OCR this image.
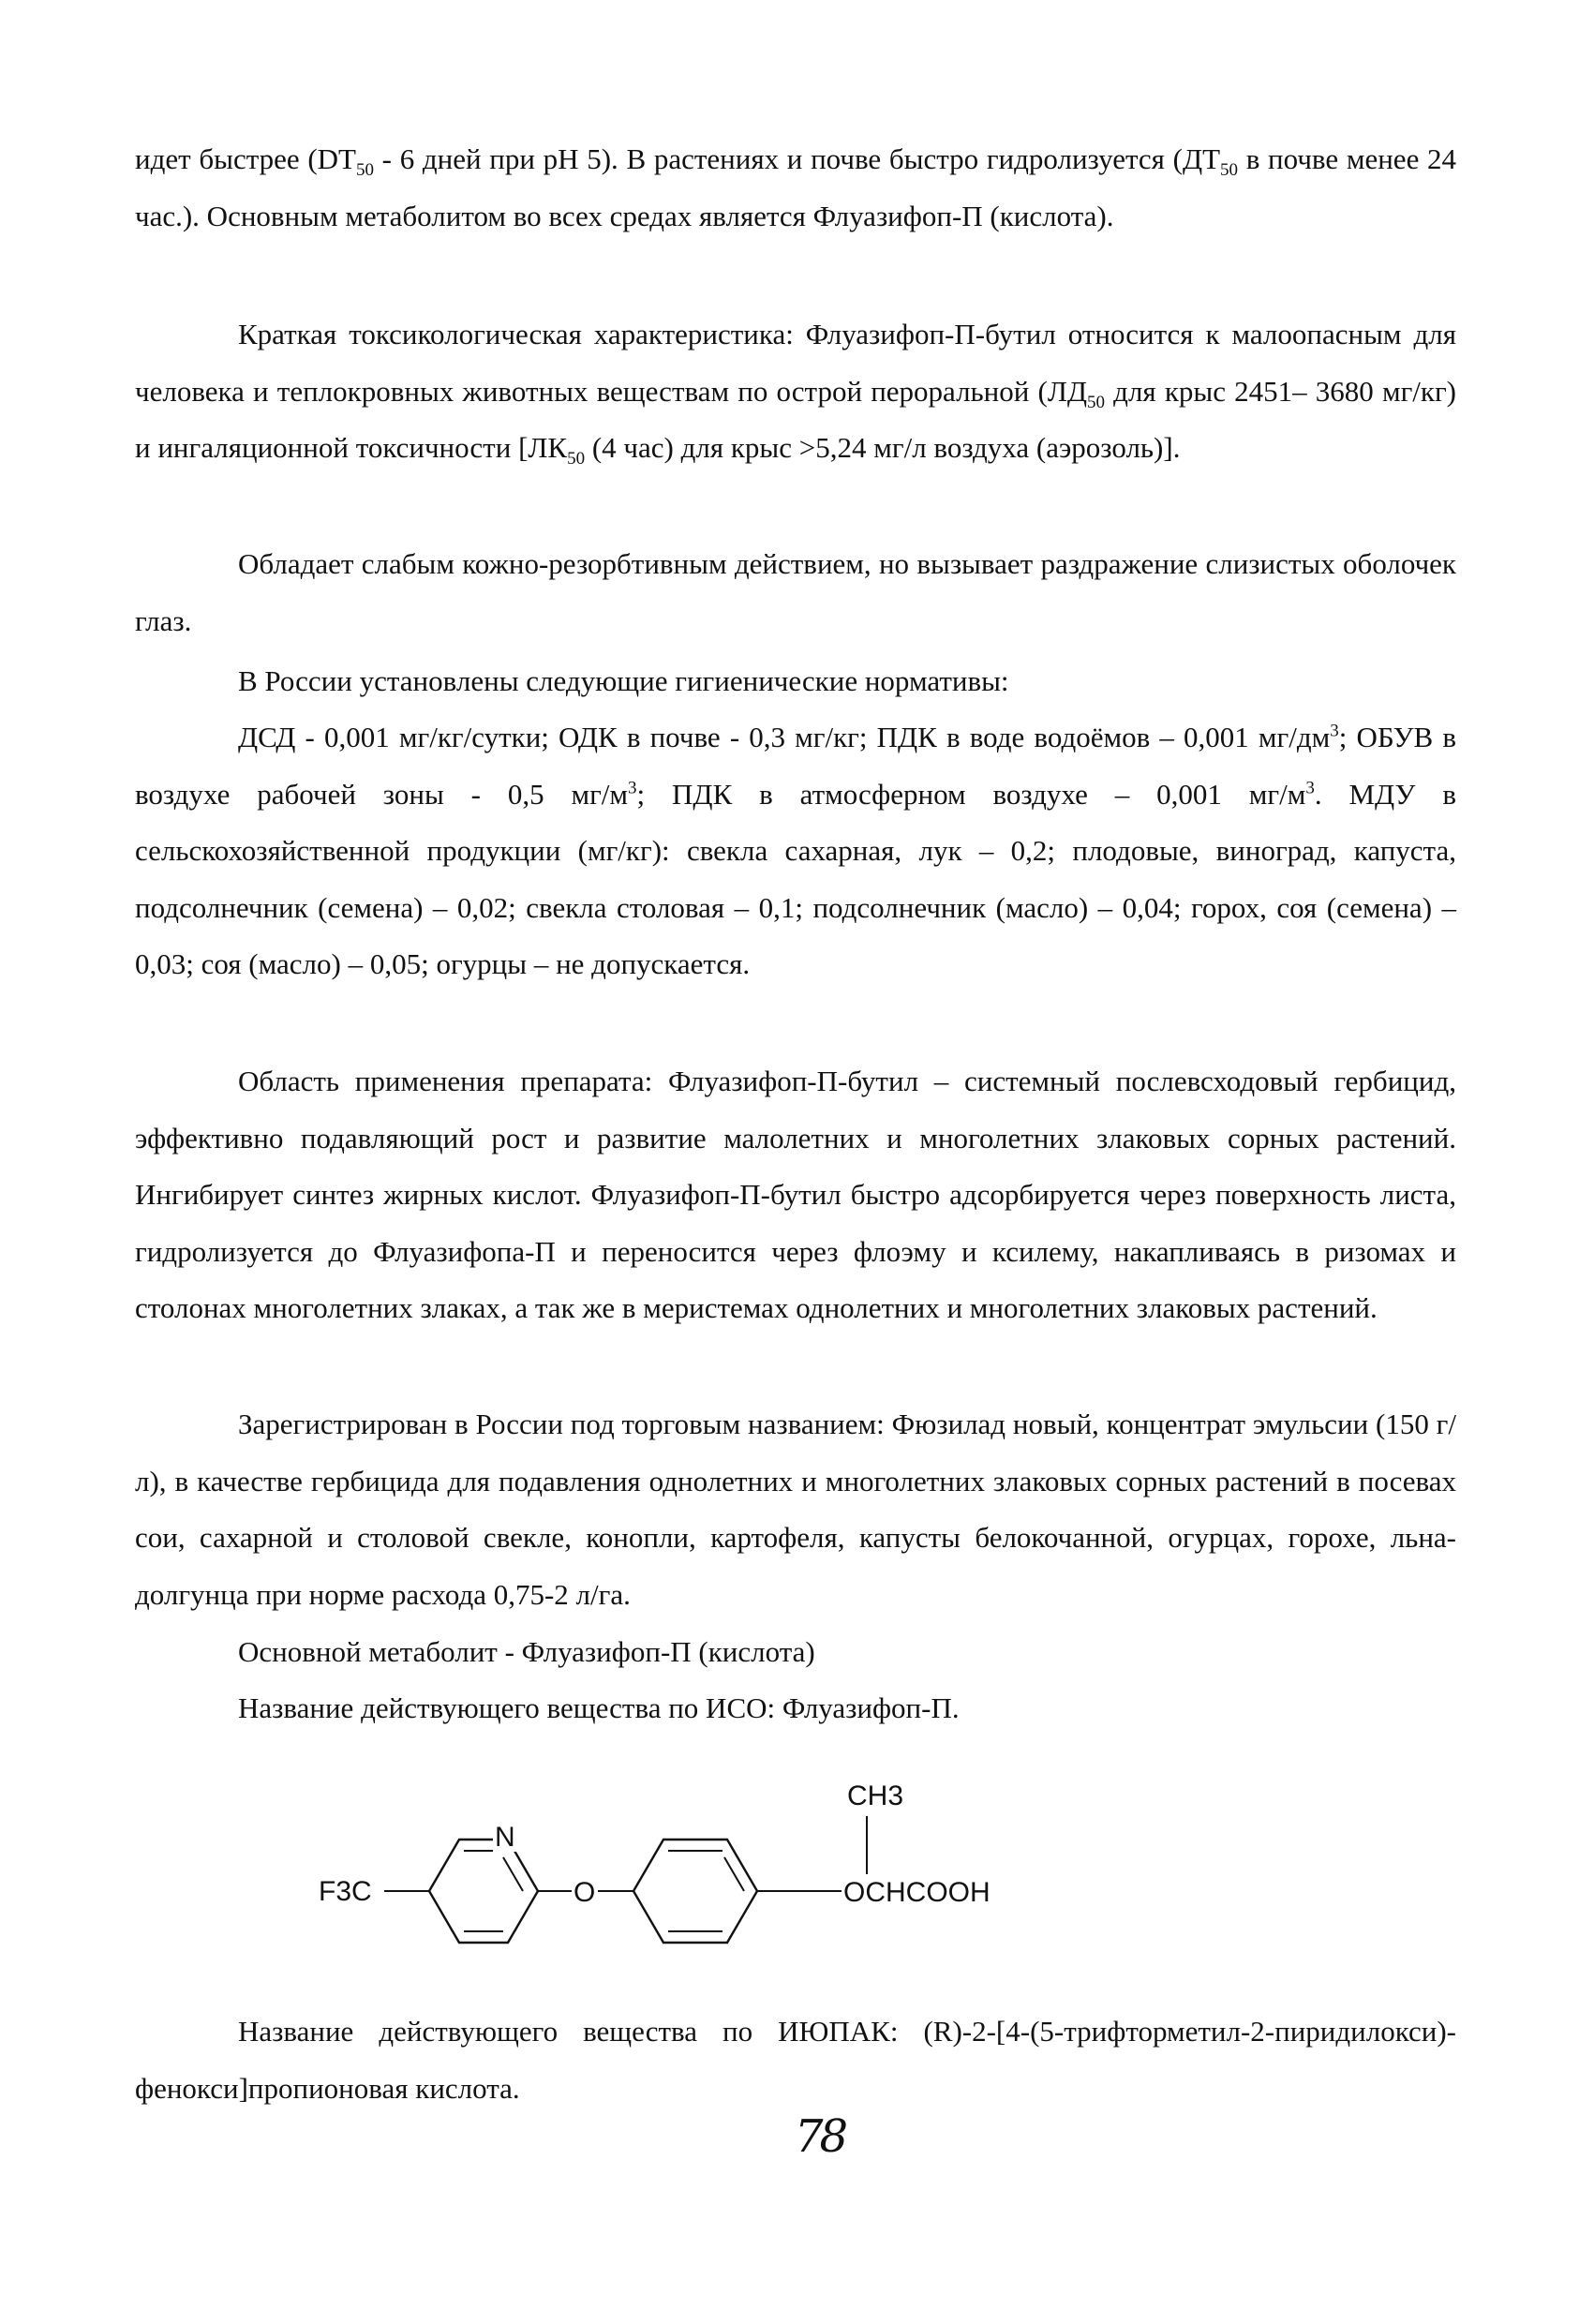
идет быстрее ($DT_{50} - 6$ дней при pH 5). В растениях и почве быстро гидролизуется ($ДТ_{50}$ в почве менее 24 час.). Основным метаболитом во всех средах является Флуазифоп-П (кислота).

Краткая токсикологическая характеристика: Флуазифоп-П-бутил относится к малоопасным для человека и теплокровных животных веществам по острой пероральной ($ЛД_{50}$ для крыс 2451– 3680 мг/кг) и ингаляционной токсичности [$ЛК_{50}$ (4 час) для крыс >5,24 мг/л воздуха (аэрозоль)].

Обладает слабым кожно-резорбтивным действием, но вызывает раздражение слизистых оболочек глаз.

В России установлены следующие гигиенические нормативы:

ДСД - 0,001 мг/кг/сутки; ОДК в почве - 0,3 мг/кг; ПДК в воде водоёмов – 0,001 $мг/дм^3$; ОБУВ в воздухе рабочей зоны - 0,5 $мг/м^3$; ПДК в атмосферном воздухе – 0,001 $мг/м^3$. МДУ в сельскохозяйственной продукции (мг/кг): свекла сахарная, лук – 0,2; плодовые, виноград, капуста, подсолнечник (семена) – 0,02; свекла столовая – 0,1; подсолнечник (масло) – 0,04; горох, соя (семена) – 0,03; соя (масло) – 0,05; огурцы – не допускается.

Область применения препарата: Флуазифоп-П-бутил – системный послевсходовый гербицид, эффективно подавляющий рост и развитие малолетних и многолетних злаковых сорных растений. Ингибирует синтез жирных кислот. Флуазифоп-П-бутил быстро адсорбируется через поверхность листа, гидролизуется до Флуазифопа-П и переносится через флоэму и ксилему, накапливаясь в ризомах и столонах многолетних злаках, а так же в меристемах однолетних и многолетних злаковых растений.

Зарегистрирован в России под торговым названием: Фюзилад новый, концентрат эмульсии (150 г/л), в качестве гербицида для подавления однолетних и многолетних злаковых сорных растений в посевах сои, сахарной и столовой свекле, конопли, картофеля, капусты белокочанной, огурцах, горохе, льна-долгунца при норме расхода 0,75-2 л/га.

Основной метаболит - Флуазифоп-П (кислота)

Название действующего вещества по ИСО: Флуазифоп-П.

F3C
N
O	OCHCOOH
CH3

Название действующего вещества по ИЮПАК: (R)-2-[4-(5-трифторметил-2-пиридилокси)-фенокси]пропионовая кислота.

78
